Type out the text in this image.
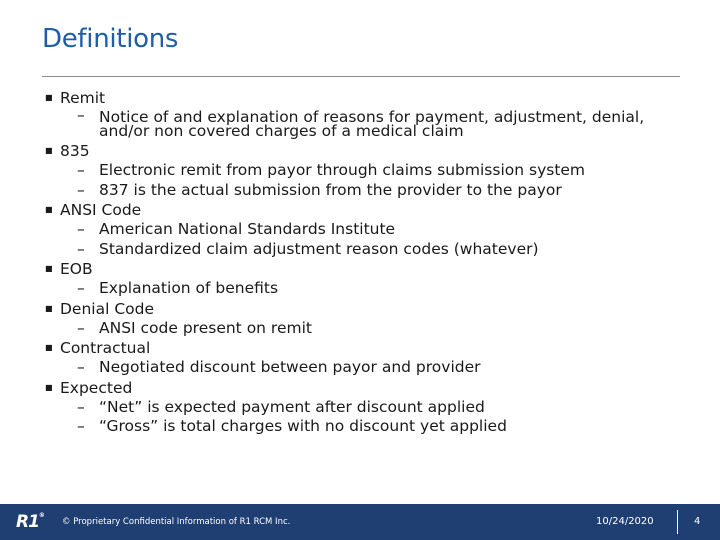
Definitions
■ Remit
– Notice of and explanation of reasons for payment, adjustment, denial, and/or non covered charges of a medical claim
■ 835
– Electronic remit from payor through claims submission system
– 837 is the actual submission from the provider to the payor
■ ANSI Code
– American National Standards Institute
– Standardized claim adjustment reason codes (whatever)
■ EOB
– Explanation of benefits
■ Denial Code
– ANSI code present on remit
■ Contractual
– Negotiated discount between payor and provider
■ Expected
– “Net” is expected payment after discount applied
– “Gross” is total charges with no discount yet applied
R1®
© Proprietary Confidential Information of R1 RCM Inc.	10/24/2020	4
